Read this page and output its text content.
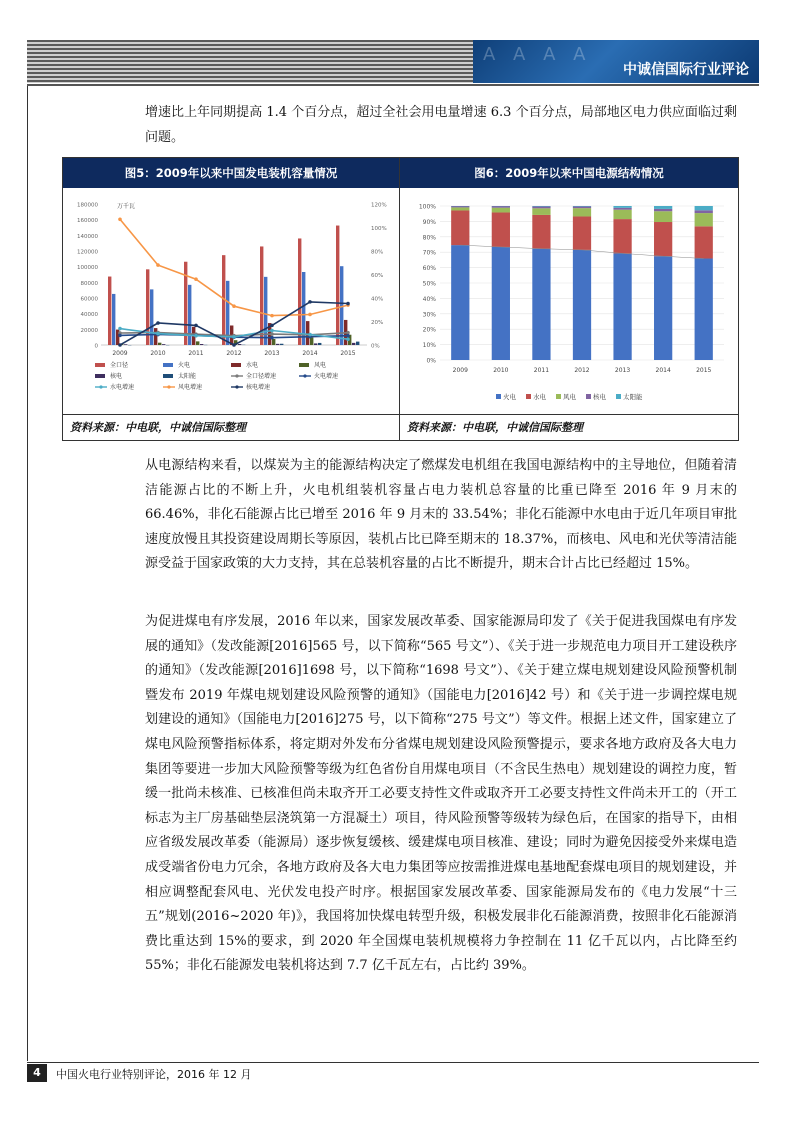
A A A A
中诚信国际行业评论

增速比上年同期提高 1.4 个百分点，超过全社会用电量增速 6.3 个百分点，局部地区电力供应面临过剩问题。

图5：2009年以来中国发电装机容量情况
180000
160000
140000
120000
100000
80000
60000
40000
20000
0
120%
100%
80%
60%
40%
20%
0%
2009	2010	2011	2012	2013	2014	2015
万千瓦
全口径	火电	水电	风电
核电	太阳能	全口径增速	火电增速
水电增速	风电增速	核电增速
资料来源：中电联，中诚信国际整理
图6：2009年以来中国电源结构情况
100%
90%
80%
70%
60%
50%
40%
30%
20%
10%
0%
2009	2010	2011	2012	2013	2014	2015
火电	水电	风电	核电	太阳能
资料来源：中电联，中诚信国际整理

从电源结构来看，以煤炭为主的能源结构决定了燃煤发电机组在我国电源结构中的主导地位，但随着清洁能源占比的不断上升，火电机组装机容量占电力装机总容量的比重已降至 2016 年 9 月末的 66.46%，非化石能源占比已增至 2016 年 9 月末的 33.54%；非化石能源中水电由于近几年项目审批速度放慢且其投资建设周期长等原因，装机占比已降至期末的 18.37%，而核电、风电和光伏等清洁能源受益于国家政策的大力支持，其在总装机容量的占比不断提升，期末合计占比已经超过 15%。

为促进煤电有序发展，2016 年以来，国家发展改革委、国家能源局印发了《关于促进我国煤电有序发展的通知》（发改能源[2016]565 号，以下简称“565 号文”）、《关于进一步规范电力项目开工建设秩序的通知》（发改能源[2016]1698 号，以下简称“1698 号文”）、《关于建立煤电规划建设风险预警机制暨发布 2019 年煤电规划建设风险预警的通知》（国能电力[2016]42 号）和《关于进一步调控煤电规划建设的通知》（国能电力[2016]275 号，以下简称“275 号文”）等文件。根据上述文件，国家建立了煤电风险预警指标体系，将定期对外发布分省煤电规划建设风险预警提示，要求各地方政府及各大电力集团等要进一步加大风险预警等级为红色省份自用煤电项目（不含民生热电）规划建设的调控力度，暂缓一批尚未核准、已核准但尚未取齐开工必要支持性文件或取齐开工必要支持性文件尚未开工的（开工标志为主厂房基础垫层浇筑第一方混凝土）项目，待风险预警等级转为绿色后，在国家的指导下，由相应省级发展改革委（能源局）逐步恢复缓核、缓建煤电项目核准、建设；同时为避免因接受外来煤电造成受端省份电力冗余，各地方政府及各大电力集团等应按需推进煤电基地配套煤电项目的规划建设，并相应调整配套风电、光伏发电投产时序。根据国家发展改革委、国家能源局发布的《电力发展“十三五”规划(2016~2020 年)》，我国将加快煤电转型升级，积极发展非化石能源消费，按照非化石能源消费比重达到 15%的要求，到 2020 年全国煤电装机规模将力争控制在 11 亿千瓦以内，占比降至约 55%；非化石能源发电装机将达到 7.7 亿千瓦左右，占比约 39%。

4	中国火电行业特别评论，2016 年 12 月
